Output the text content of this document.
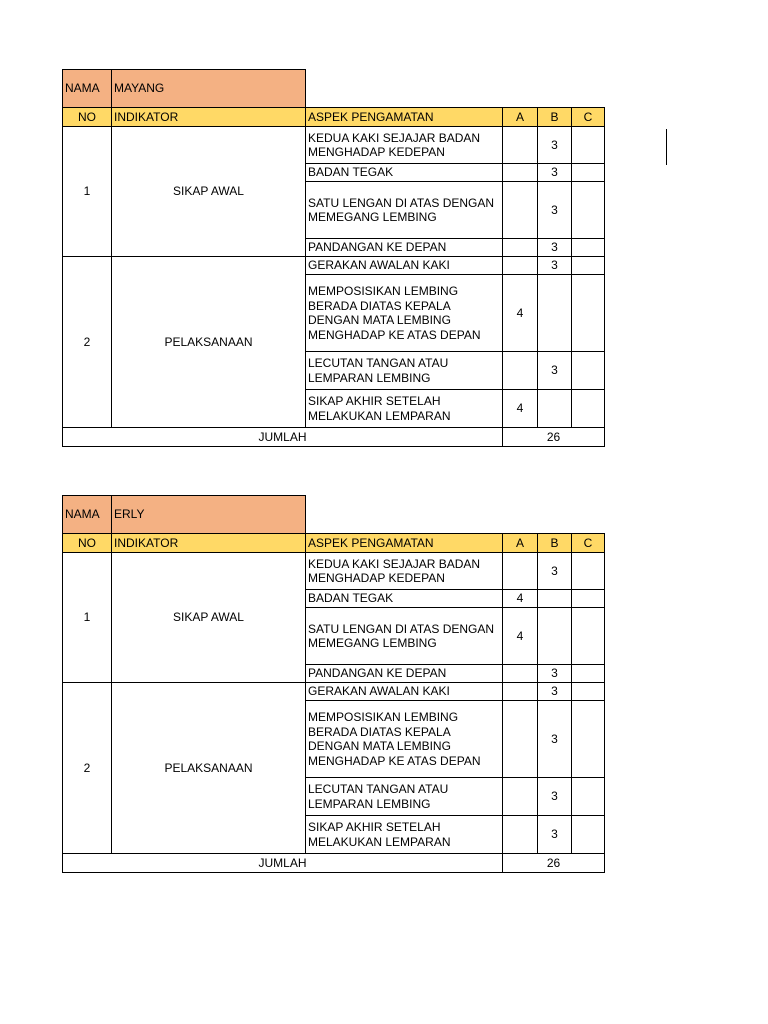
NAMA	MAYANG				
NO	INDIKATOR	ASPEK PENGAMATAN	A	B	C
1	SIKAP AWAL	KEDUA KAKI SEJAJAR BADAN MENGHADAP KEDEPAN		3	
		BADAN TEGAK		3	
		SATU LENGAN DI ATAS DENGAN MEMEGANG LEMBING		3	
		PANDANGAN KE DEPAN		3	
2	PELAKSANAAN	GERAKAN AWALAN KAKI		3	
		MEMPOSISIKAN LEMBING BERADA DIATAS KEPALA DENGAN MATA LEMBING MENGHADAP KE ATAS DEPAN	4		
		LECUTAN TANGAN ATAU LEMPARAN LEMBING		3	
		SIKAP AKHIR SETELAH MELAKUKAN LEMPARAN	4		
JUMLAH			26		
NAMA	ERLY				
NO	INDIKATOR	ASPEK PENGAMATAN	A	B	C
1	SIKAP AWAL	KEDUA KAKI SEJAJAR BADAN MENGHADAP KEDEPAN		3	
		BADAN TEGAK	4		
		SATU LENGAN DI ATAS DENGAN MEMEGANG LEMBING	4		
		PANDANGAN KE DEPAN		3	
2	PELAKSANAAN	GERAKAN AWALAN KAKI		3	
		MEMPOSISIKAN LEMBING BERADA DIATAS KEPALA DENGAN MATA LEMBING MENGHADAP KE ATAS DEPAN		3	
		LECUTAN TANGAN ATAU LEMPARAN LEMBING		3	
		SIKAP AKHIR SETELAH MELAKUKAN LEMPARAN		3	
JUMLAH			26		
